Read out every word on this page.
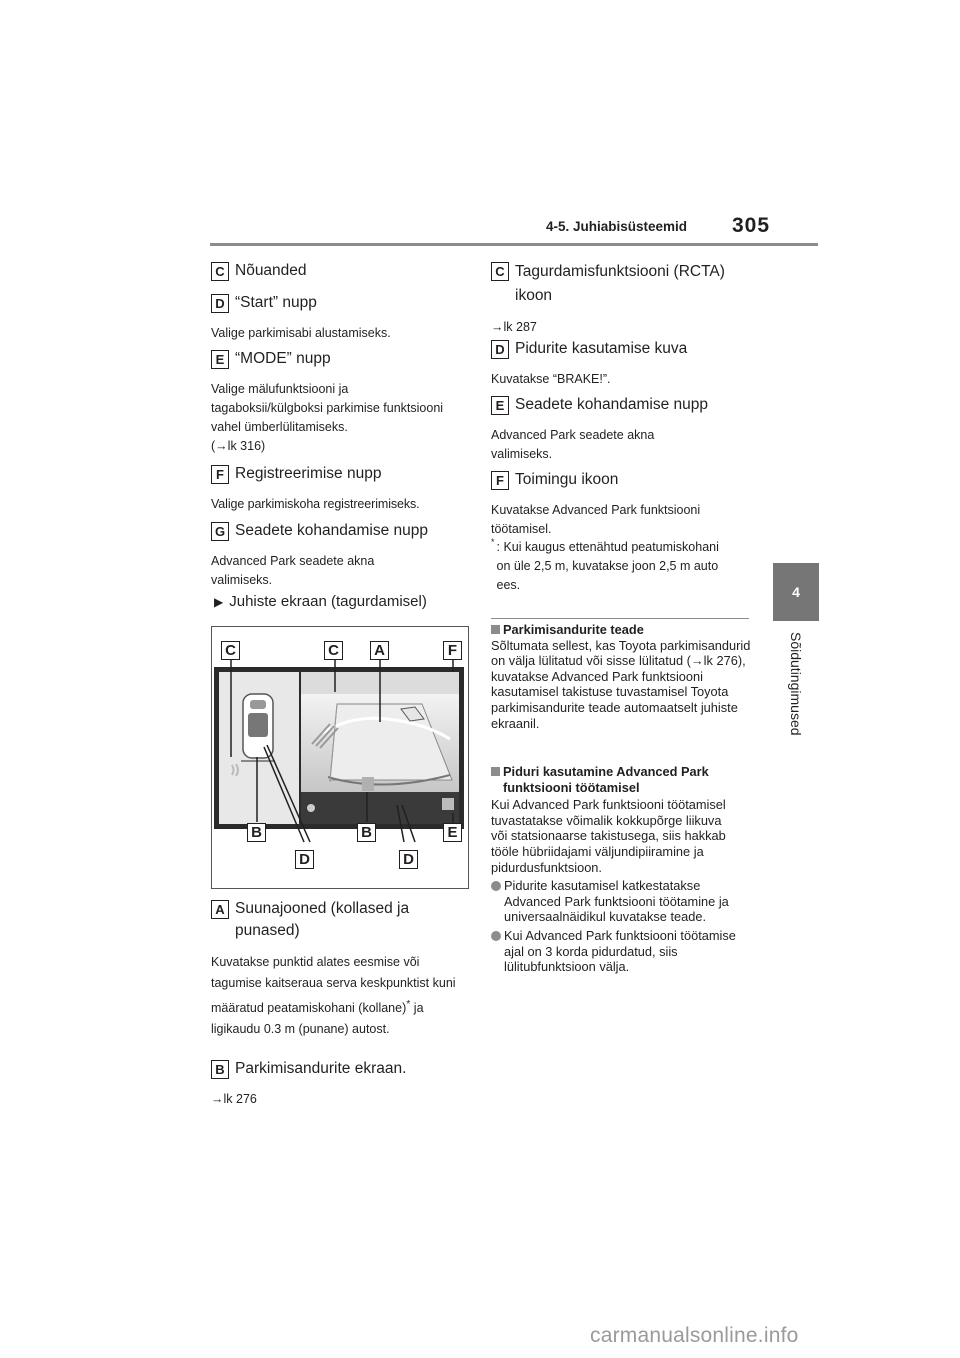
4-5. Juhiabisüsteemid 305
4
Sõidutingimused
C Nõuanded
D “Start” nupp
Valige parkimisabi alustamiseks.
E “MODE” nupp
Valige mälufunktsiooni ja tagaboksii/külgboksi parkimise funktsiooni vahel ümberlülitamiseks.
(→lk 316)
F Registreerimise nupp
Valige parkimiskoha registreerimiseks.
G Seadete kohandamise nupp
Advanced Park seadete akna valimiseks.
▶ Juhiste ekraan (tagurdamisel)
C	C A	F
B	B	E
D	D
A Suunajooned (kollased ja punased)
Kuvatakse punktid alates eesmise või tagumise kaitseraua serva keskpunktist kuni määratud peatamiskohani (kollane)* ja ligikaudu 0.3 m (punane) autost.
B Parkimisandurite ekraan.
→lk 276
C Tagurdamisfunktsiooni (RCTA) ikoon
→lk 287
D Pidurite kasutamise kuva
Kuvatakse “BRAKE!”.
E Seadete kohandamise nupp
Advanced Park seadete akna valimiseks.
F Toimingu ikoon
Kuvatakse Advanced Park funktsiooni töötamisel.
* : Kui kaugus ettenähtud peatumiskohani on üle 2,5 m, kuvatakse joon 2,5 m auto ees.
Parkimisandurite teade
Sõltumata sellest, kas Toyota parkimisandurid on välja lülitatud või sisse lülitatud (→lk 276), kuvatakse Advanced Park funktsiooni kasutamisel takistuse tuvastamisel Toyota parkimisandurite teade automaatselt juhiste ekraanil.
Piduri kasutamine Advanced Park funktsiooni töötamisel
Kui Advanced Park funktsiooni töötamisel tuvastatakse võimalik kokkupõrge liikuva või statsionaarse takistusega, siis hakkab tööle hübriidajami väljundipiiramine ja pidurdusfunktsioon.
Pidurite kasutamisel katkestatakse Advanced Park funktsiooni töötamine ja universaalnäidikul kuvatakse teade.
Kui Advanced Park funktsiooni töötamise ajal on 3 korda pidurdatud, siis lülitubfunktsioon välja.
carmanualsonline.info
